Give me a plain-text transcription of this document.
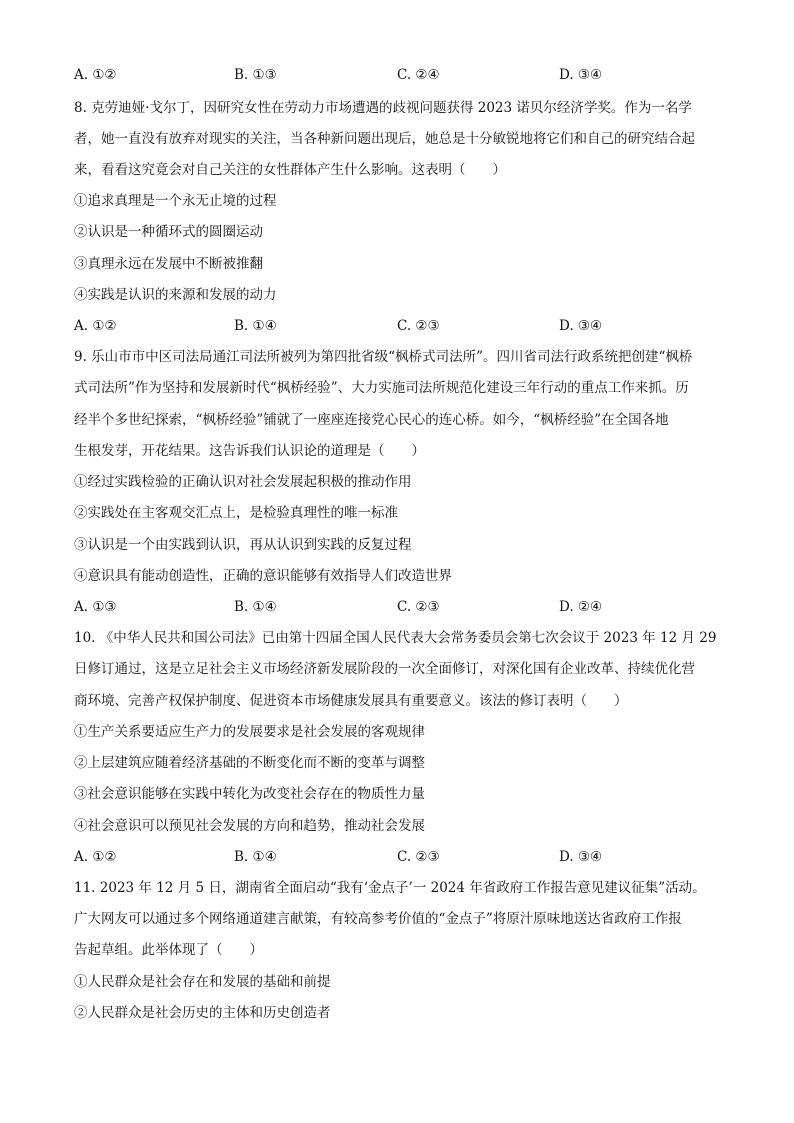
A. ①②	B. ①③	C. ②④	D. ③④
8. 克劳迪娅·戈尔丁，因研究女性在劳动力市场遭遇的歧视问题获得 2023 诺贝尔经济学奖。作为一名学
者，她一直没有放弃对现实的关注，当各种新问题出现后，她总是十分敏锐地将它们和自己的研究结合起
来，看看这究竟会对自己关注的女性群体产生什么影响。这表明（　　）
①追求真理是一个永无止境的过程
②认识是一种循环式的圆圈运动
③真理永远在发展中不断被推翻
④实践是认识的来源和发展的动力
A. ①②	B. ①④	C. ②③	D. ③④
9. 乐山市市中区司法局通江司法所被列为第四批省级“枫桥式司法所”。四川省司法行政系统把创建“枫桥
式司法所”作为坚持和发展新时代“枫桥经验”、大力实施司法所规范化建设三年行动的重点工作来抓。历
经半个多世纪探索，“枫桥经验”铺就了一座座连接党心民心的连心桥。如今，“枫桥经验”在全国各地
生根发芽，开花结果。这告诉我们认识论的道理是（　　）
①经过实践检验的正确认识对社会发展起积极的推动作用
②实践处在主客观交汇点上，是检验真理性的唯一标准
③认识是一个由实践到认识，再从认识到实践的反复过程
④意识具有能动创造性，正确的意识能够有效指导人们改造世界
A. ①③	B. ①④	C. ②③	D. ②④
10. 《中华人民共和国公司法》已由第十四届全国人民代表大会常务委员会第七次会议于 2023 年 12 月 29
日修订通过，这是立足社会主义市场经济新发展阶段的一次全面修订，对深化国有企业改革、持续优化营
商环境、完善产权保护制度、促进资本市场健康发展具有重要意义。该法的修订表明（　　）
①生产关系要适应生产力的发展要求是社会发展的客观规律
②上层建筑应随着经济基础的不断变化而不断的变革与调整
③社会意识能够在实践中转化为改变社会存在的物质性力量
④社会意识可以预见社会发展的方向和趋势，推动社会发展
A. ①②	B. ①④	C. ②③	D. ③④
11. 2023 年 12 月 5 日，湖南省全面启动“我有‘金点子’一 2024 年省政府工作报告意见建议征集”活动。
广大网友可以通过多个网络通道建言献策，有较高参考价值的“金点子”将原汁原味地送达省政府工作报
告起草组。此举体现了（　　）
①人民群众是社会存在和发展的基础和前提
②人民群众是社会历史的主体和历史创造者
